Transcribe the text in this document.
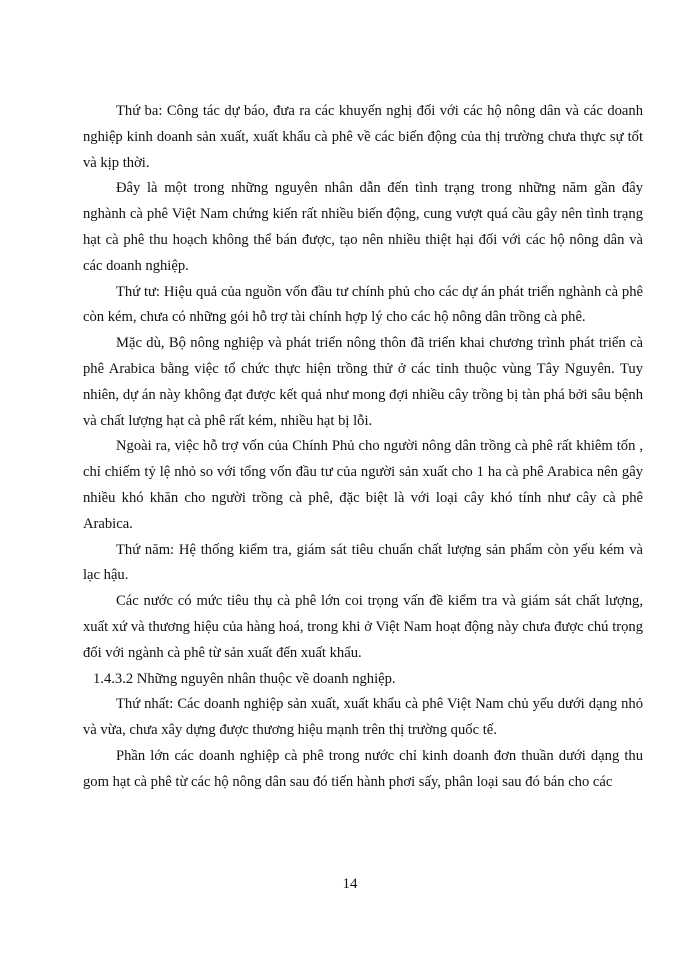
Thứ ba: Công tác dự báo, đưa ra các khuyến nghị đối với các hộ nông dân và các doanh nghiệp kinh doanh sản xuất, xuất khẩu cà phê về các biến động của thị trường chưa thực sự tốt và kịp thời.

Đây là một trong những nguyên nhân dẫn đến tình trạng trong những năm gần đây nghành cà phê Việt Nam chứng kiến rất nhiều biến động, cung vượt quá cầu gây nên tình trạng hạt cà phê thu hoạch không thể bán được, tạo nên nhiều thiệt hại đối với các hộ nông dân và các doanh nghiệp.

Thứ tư: Hiệu quả của nguồn vốn đầu tư chính phủ cho các dự án phát triển nghành cà phê còn kém, chưa có những gói hỗ trợ tài chính hợp lý cho các hộ nông dân trồng cà phê.

Mặc dù, Bộ nông nghiệp và phát triển nông thôn đã triển khai chương trình phát triển cà phê Arabica bằng việc tổ chức thực hiện trồng thử ở các tỉnh thuộc vùng Tây Nguyên. Tuy nhiên, dự án này không đạt được kết quả như mong đợi nhiều cây trồng bị tàn phá bởi sâu bệnh và chất lượng hạt cà phê rất kém, nhiều hạt bị lỗi.

Ngoài ra, việc hỗ trợ vốn của Chính Phủ cho người nông dân trồng cà phê rất khiêm tốn , chỉ chiếm tỷ lệ nhỏ so với tổng vốn đầu tư của người sản xuất cho 1 ha cà phê Arabica nên gây nhiều khó khăn cho người trồng cà phê, đặc biệt là với loại cây khó tính như cây cà phê Arabica.

Thứ năm: Hệ thống kiểm tra, giám sát tiêu chuẩn chất lượng sản phẩm còn yếu kém và lạc hậu.

Các nước có mức tiêu thụ cà phê lớn coi trọng vấn đề kiểm tra và giám sát chất lượng, xuất xứ và thương hiệu của hàng hoá, trong khi ở Việt Nam hoạt động này chưa được chú trọng đối với ngành cà phê từ sản xuất đến xuất khẩu.

1.4.3.2 Những nguyên nhân thuộc về doanh nghiệp.

Thứ nhất: Các doanh nghiệp sản xuất, xuất khẩu cà phê Việt Nam chủ yếu dưới dạng nhỏ và vừa, chưa xây dựng được thương hiệu mạnh trên thị trường quốc tế.

Phần lớn các doanh nghiệp cà phê trong nước chỉ kinh doanh đơn thuần dưới dạng thu gom hạt cà phê từ các hộ nông dân sau đó tiến hành phơi sấy, phân loại sau đó bán cho các

14
